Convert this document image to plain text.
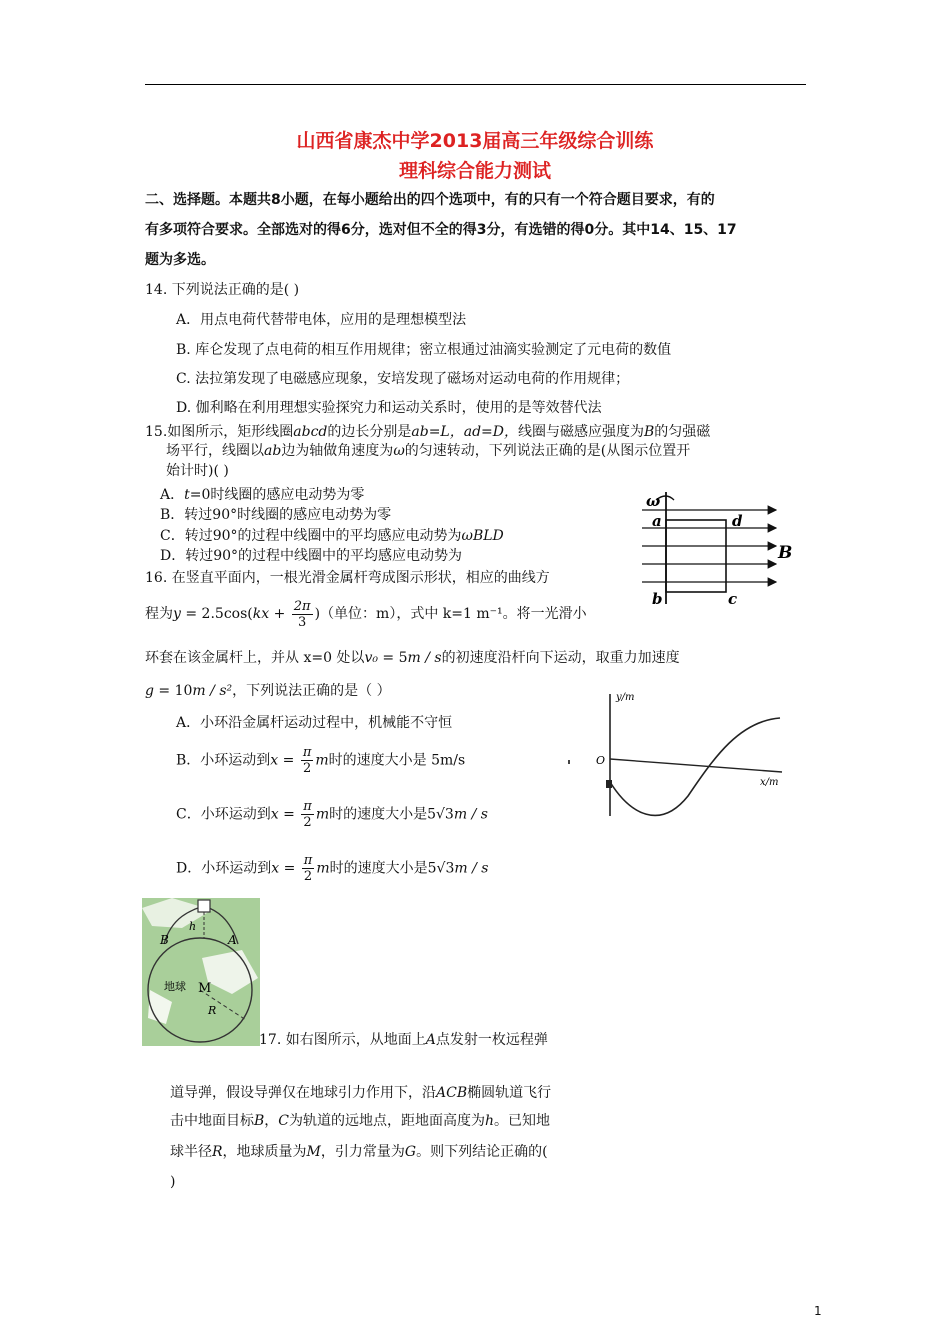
山西省康杰中学2013届高三年级综合训练
理科综合能力测试
二、选择题。本题共8小题，在每小题给出的四个选项中，有的只有一个符合题目要求，有的
有多项符合要求。全部选对的得6分，选对但不全的得3分，有选错的得0分。其中14、15、17
题为多选。
14. 下列说法正确的是( )
A．用点电荷代替带电体，应用的是理想模型法
B. 库仑发现了点电荷的相互作用规律；密立根通过油滴实验测定了元电荷的数值
C. 法拉第发现了电磁感应现象，安培发现了磁场对运动电荷的作用规律；
D. 伽利略在利用理想实验探究力和运动关系时，使用的是等效替代法
15.如图所示，矩形线圈abcd的边长分别是ab=L，ad=D，线圈与磁感应强度为B的匀强磁
场平行，线圈以ab边为轴做角速度为ω的匀速转动，下列说法正确的是(从图示位置开
始计时)( )
A．t=0时线圈的感应电动势为零
B．转过90°时线圈的感应电动势为零
C．转过90°的过程中线圈中的平均感应电动势为ωBLD
D．转过90°的过程中线圈中的平均感应电动势为
ω
a	d
b	c
B
16. 在竖直平面内，一根光滑金属杆弯成图示形状，相应的曲线方
程为$y = 2.5\cos(kx + \frac{2\pi}{3}$ )（单位：m），式中 k=1 m⁻¹。将一光滑小
环套在该金属杆上，并从 x=0 处以v₀ = 5m / s的初速度沿杆向下运动，取重力加速度
g = 10m / s²，下列说法正确的是（ ）
A．小环沿金属杆运动过程中，机械能不守恒
B．小环运动到$x = \frac{\pi}{2}$ m时的速度大小是 5m/s
C．小环运动到$x = \frac{\pi}{2}$ m时的速度大小是5√3m / s
D．小环运动到$x = \frac{\pi}{2}$ m时的速度大小是5√3m / s
y/m
O
x/m
B
h
A
地球 M
R
17. 如右图所示，从地面上A点发射一枚远程弹
道导弹，假设导弹仅在地球引力作用下，沿ACB椭圆轨道飞行
击中地面目标B，C为轨道的远地点，距地面高度为h。已知地
球半径R，地球质量为M，引力常量为G。则下列结论正确的(
)
1
